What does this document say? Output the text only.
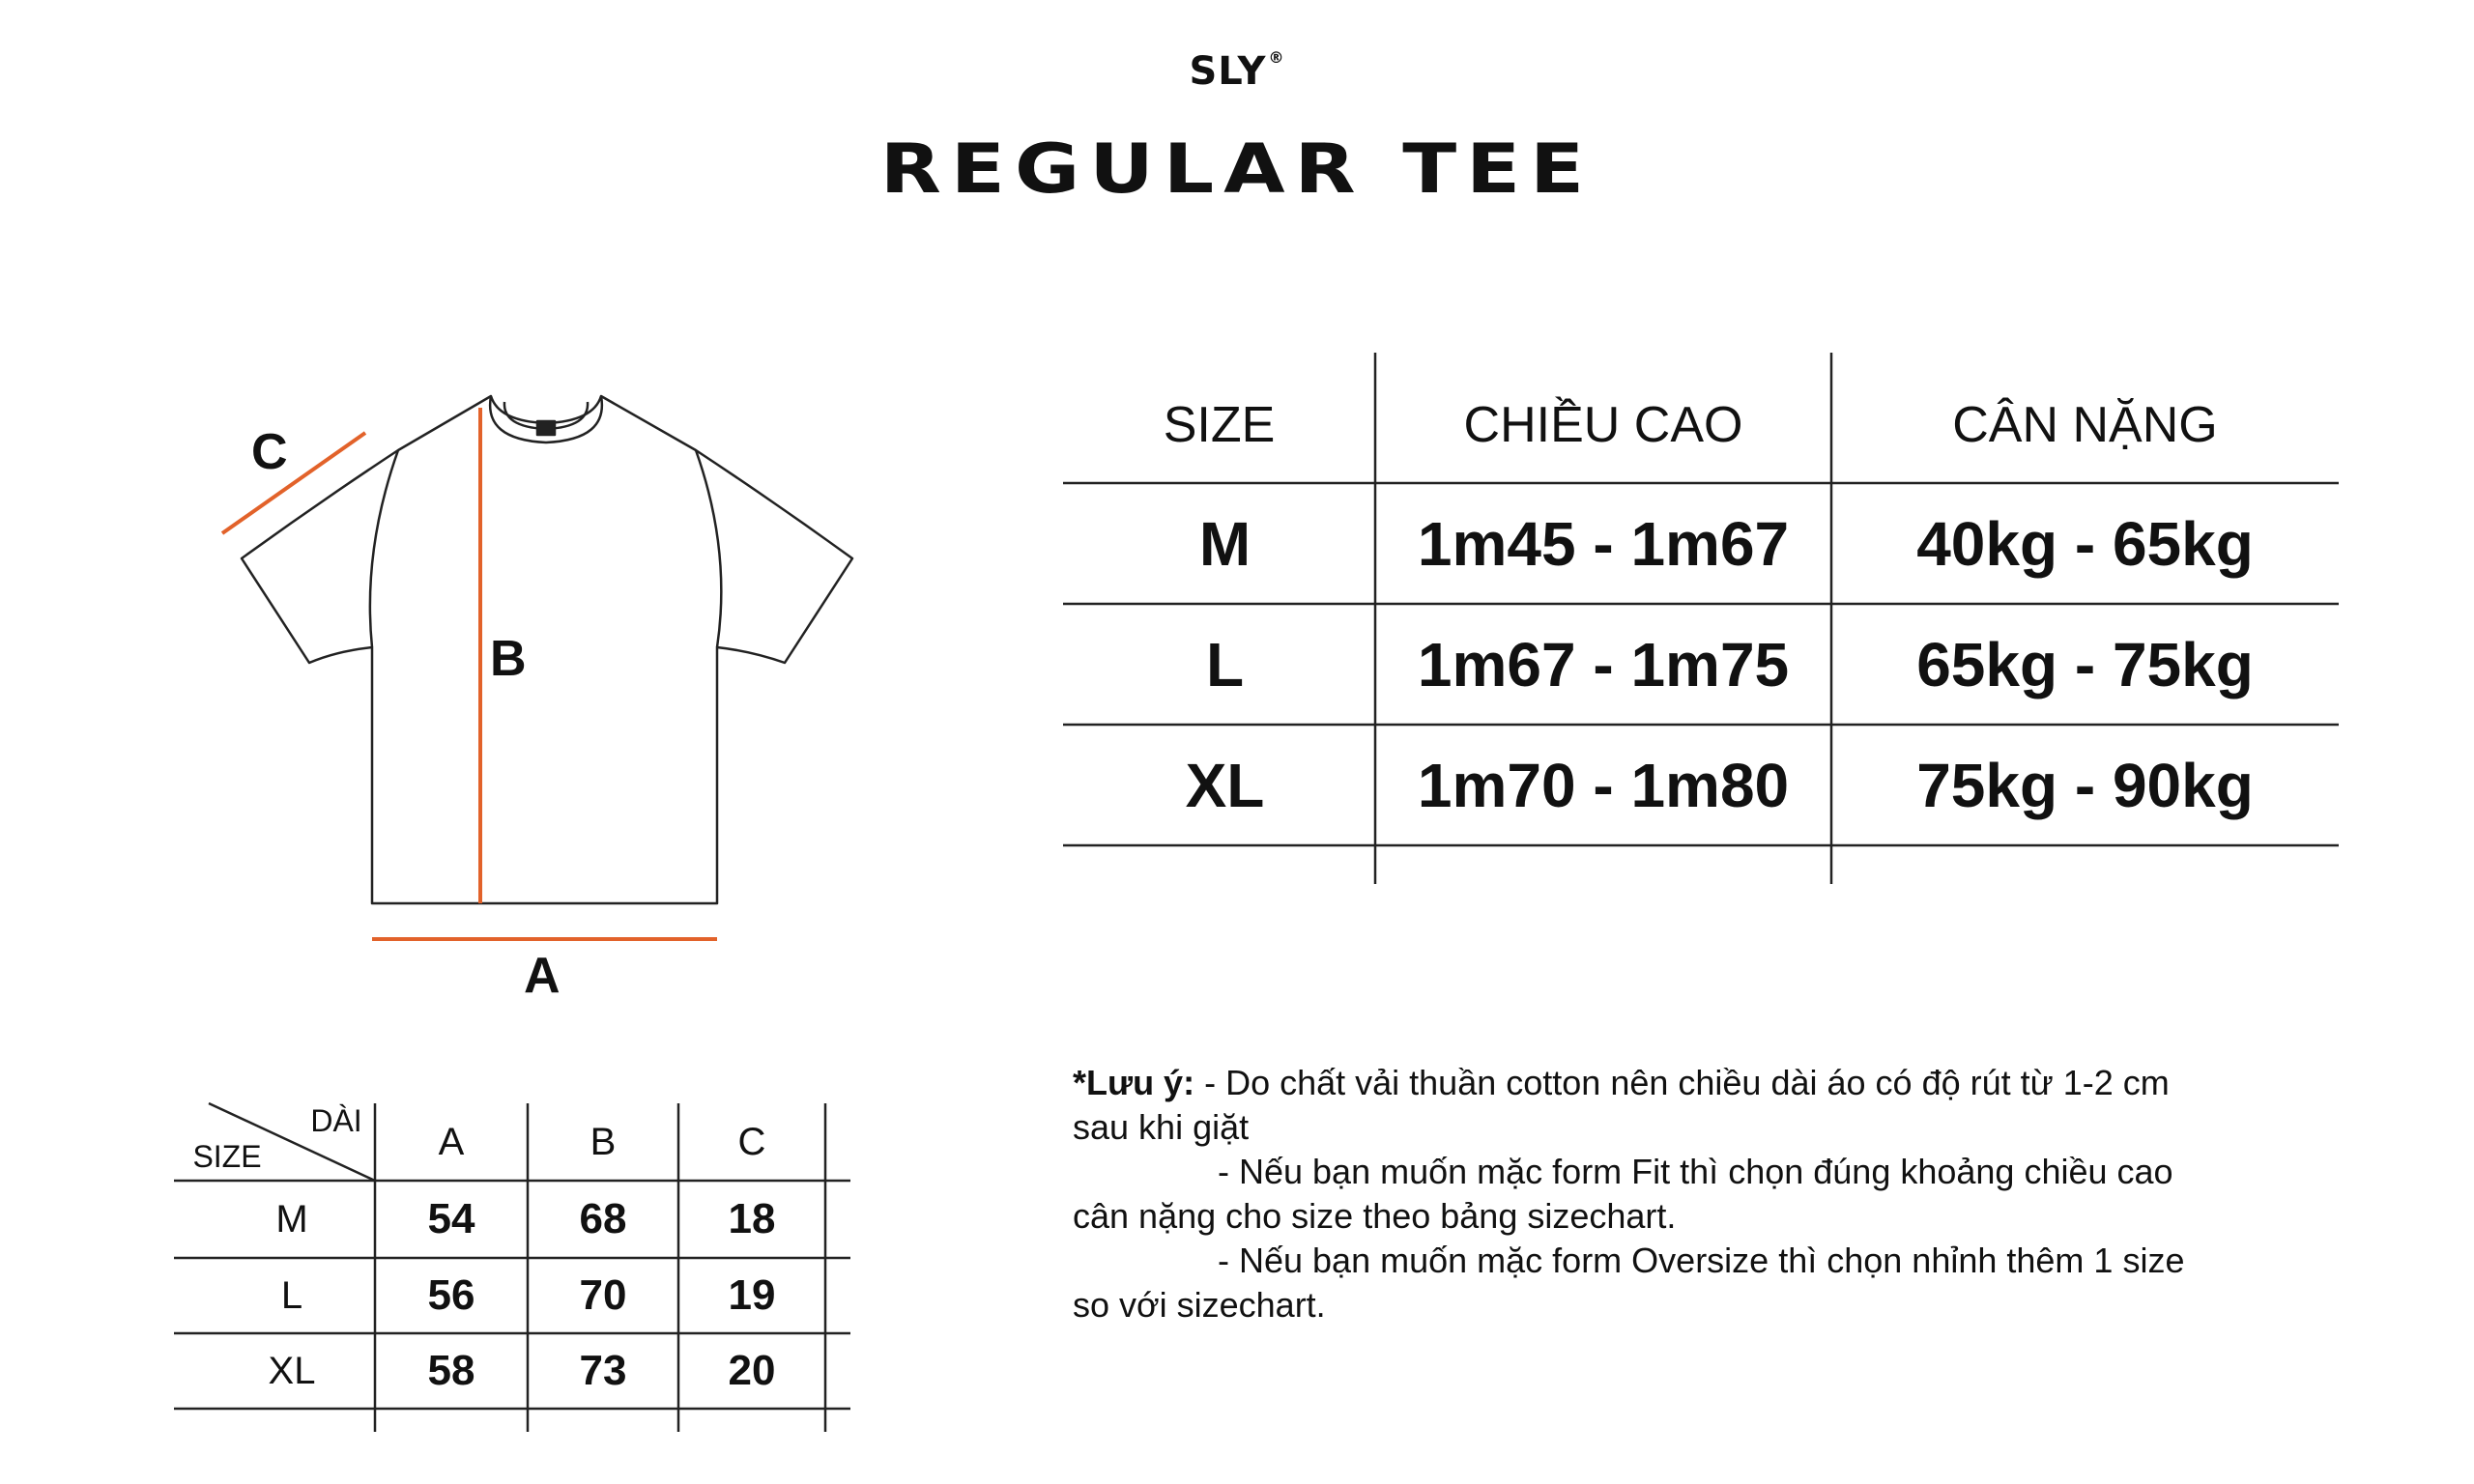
SLY ®
REGULAR TEE
C
B
A
SIZE	CHIỀU CAO	CÂN NẶNG
M	1m45 - 1m67	40kg - 65kg
L	1m67 - 1m75	65kg - 75kg
XL	1m70 - 1m80	75kg - 90kg
DÀI
SIZE	A	B	C
M	54	68	18
L	56	70	19
XL	58	73	20
*Lưu ý: - Do chất vải thuần cotton nên chiều dài áo có độ rút từ 1-2 cm
sau khi giặt
- Nếu bạn muốn mặc form Fit thì chọn đúng khoảng chiều cao
cân nặng cho size theo bảng sizechart.
- Nếu bạn muốn mặc form Oversize thì chọn nhỉnh thêm 1 size
so với sizechart.
